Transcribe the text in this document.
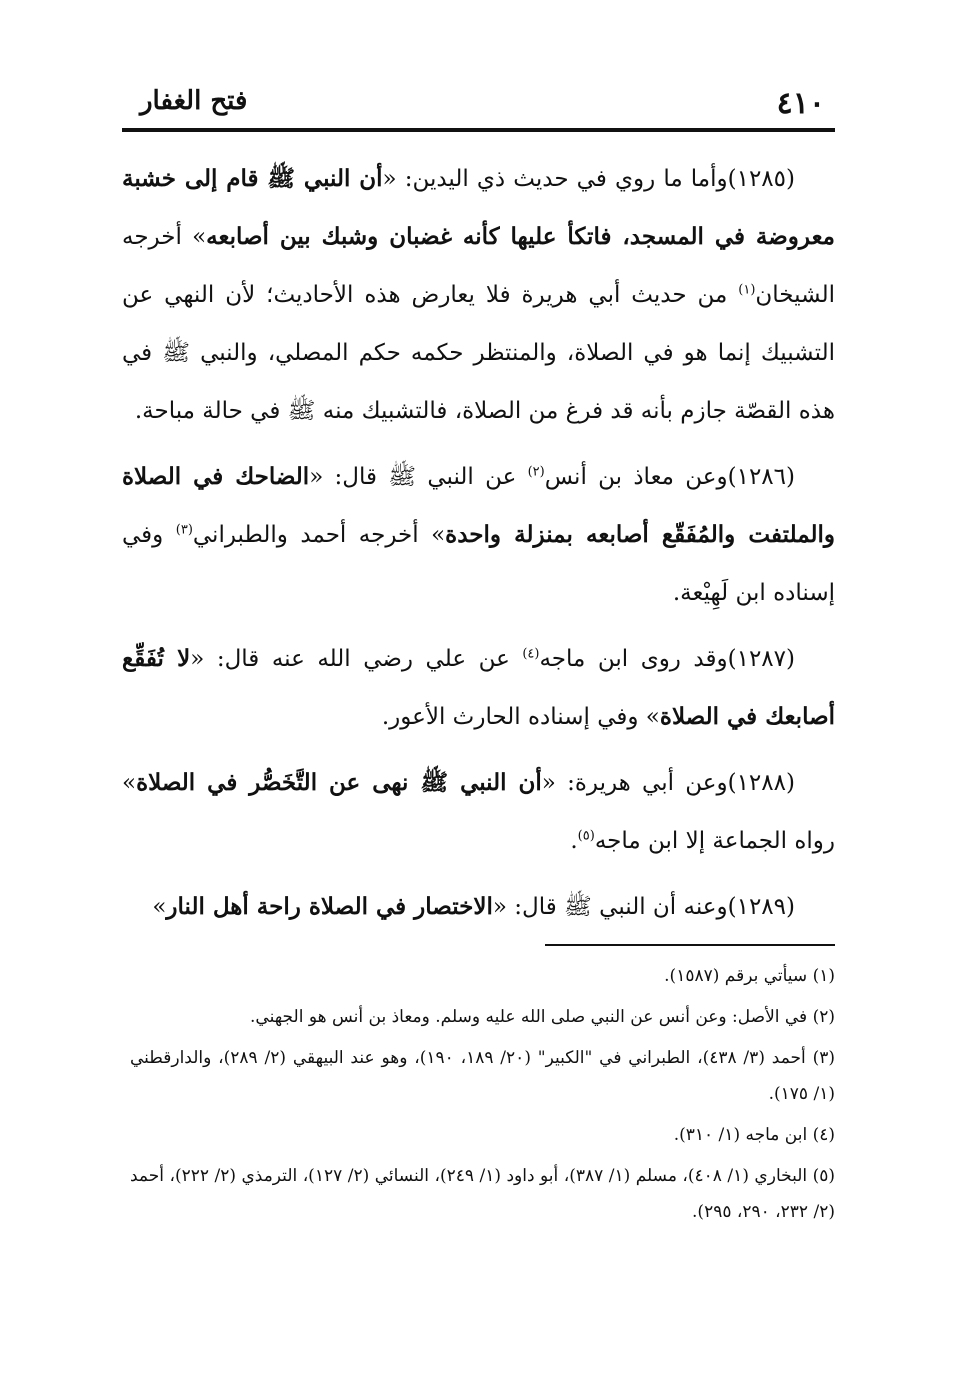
٤١٠
فتح الغفار

(١٢٨٥)وأما ما روي في حديث ذي اليدين: «أن النبي ﷺ قام إلى خشبة معروضة في المسجد، فاتكأ عليها كأنه غضبان وشبك بين أصابعه» أخرجه الشيخان$^{(١)}$ من حديث أبي هريرة فلا يعارض هذه الأحاديث؛ لأن النهي عن التشبيك إنما هو في الصلاة، والمنتظر حكمه حكم المصلي، والنبي ﷺ في هذه القصّة جازم بأنه قد فرغ من الصلاة، فالتشبيك منه ﷺ في حالة مباحة.

(١٢٨٦)وعن معاذ بن أنس$^{(٢)}$ عن النبي ﷺ قال: «الضاحك في الصلاة والملتفت والمُفَقّع أصابعه بمنزلة واحدة» أخرجه أحمد والطبراني$^{(٣)}$ وفي إسناده ابن لَهِيْعة.

(١٢٨٧)وقد روى ابن ماجه$^{(٤)}$ عن علي رضي الله عنه قال: «لا تُفَقِّع أصابعك في الصلاة» وفي إسناده الحارث الأعور.

(١٢٨٨)وعن أبي هريرة: «أن النبي ﷺ نهى عن التَّخَصُّر في الصلاة» رواه الجماعة إلا ابن ماجه$^{(٥)}$.

(١٢٨٩)وعنه أن النبي ﷺ قال: «الاختصار في الصلاة راحة أهل النار»

(١) سيأتي برقم (١٥٨٧).
(٢) في الأصل: وعن أنس عن النبي صلى الله عليه وسلم. ومعاذ بن أنس هو الجهني.
(٣) أحمد (٣/ ٤٣٨)، الطبراني في "الكبير" (٢٠/ ١٨٩، ١٩٠)، وهو عند البيهقي (٢/ ٢٨٩)، والدارقطني (١/ ١٧٥).
(٤) ابن ماجه (١/ ٣١٠).
(٥) البخاري (١/ ٤٠٨)، مسلم (١/ ٣٨٧)، أبو داود (١/ ٢٤٩)، النسائي (٢/ ١٢٧)، الترمذي (٢/ ٢٢٢)، أحمد (٢/ ٢٣٢، ٢٩٠، ٢٩٥).
